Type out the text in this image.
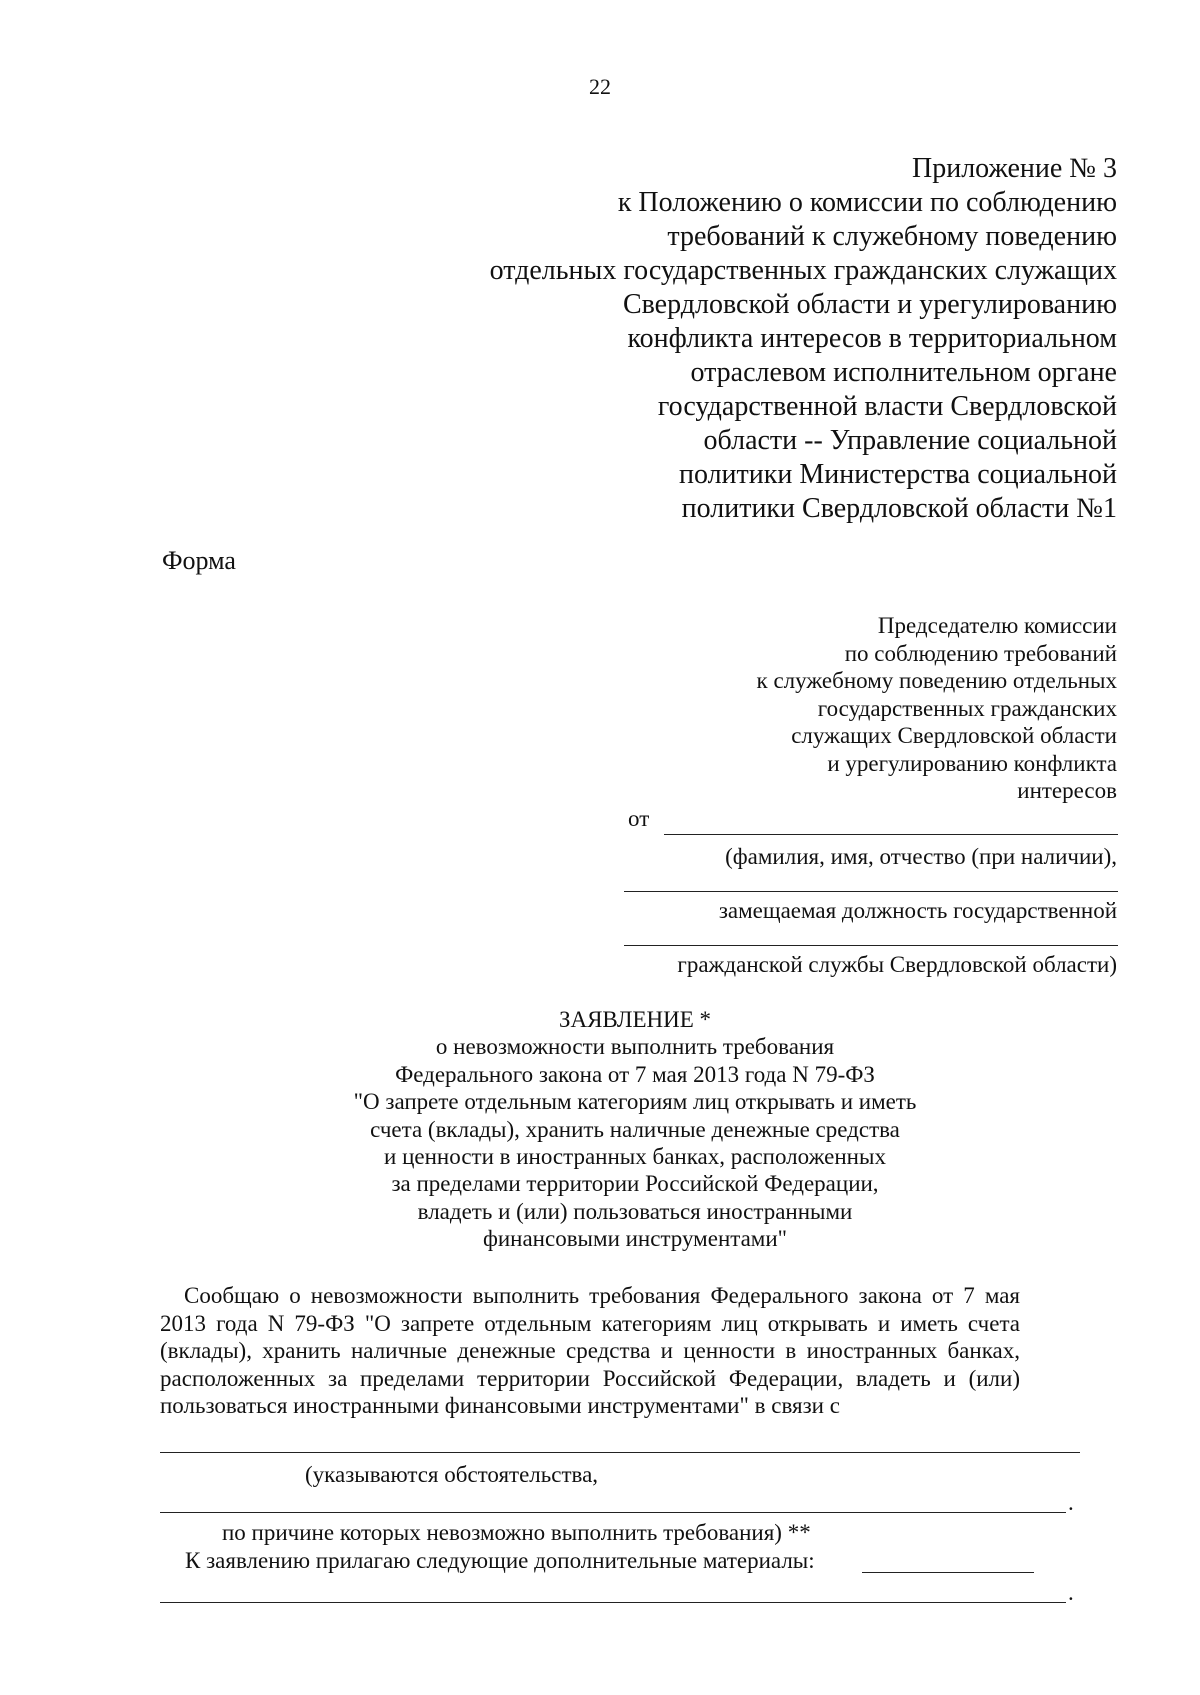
22
Приложение № 3
к Положению о комиссии по соблюдению
требований к служебному поведению
отдельных государственных гражданских служащих
Свердловской области и урегулированию
конфликта интересов в территориальном
отраслевом исполнительном органе
государственной власти Свердловской
области -- Управление социальной
политики Министерства социальной
политики Свердловской области №1
Форма
Председателю комиссии
по соблюдению требований
к служебному поведению отдельных
государственных гражданских
служащих Свердловской области
и урегулированию конфликта
интересов
от
(фамилия, имя, отчество (при наличии),
замещаемая должность государственной
гражданской службы Свердловской области)
ЗАЯВЛЕНИЕ *
о невозможности выполнить требования
Федерального закона от 7 мая 2013 года N 79-ФЗ
"О запрете отдельным категориям лиц открывать и иметь
счета (вклады), хранить наличные денежные средства
и ценности в иностранных банках, расположенных
за пределами территории Российской Федерации,
владеть и (или) пользоваться иностранными
финансовыми инструментами"
Сообщаю о невозможности выполнить требования Федерального закона от 7 мая 2013 года N 79-ФЗ "О запрете отдельным категориям лиц открывать и иметь счета (вклады), хранить наличные денежные средства и ценности в иностранных банках, расположенных за пределами территории Российской Федерации, владеть и (или) пользоваться иностранными финансовыми инструментами" в связи с
(указываются обстоятельства,
.
по причине которых невозможно выполнить требования) **
К заявлению прилагаю следующие дополнительные материалы:
.
